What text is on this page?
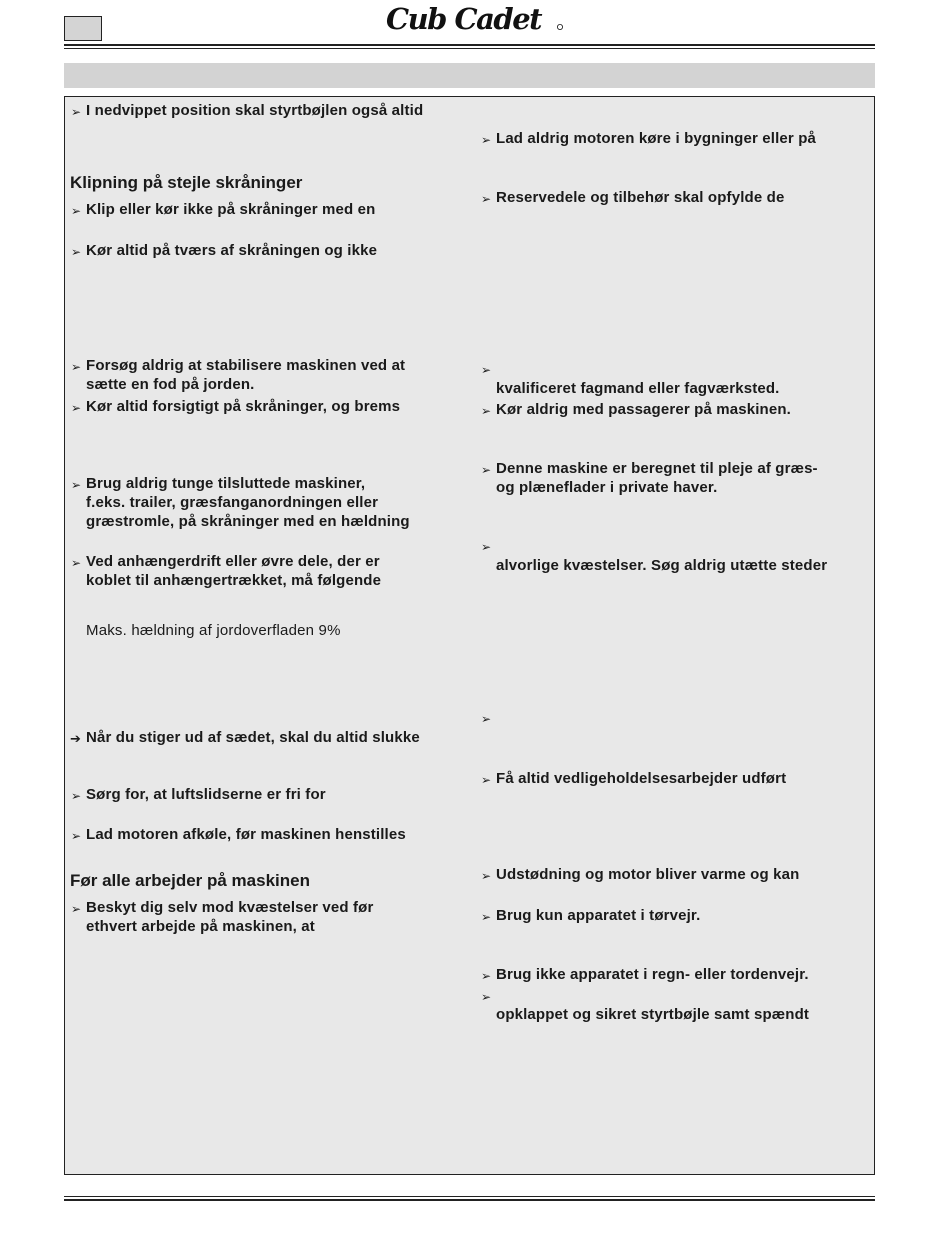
Cub Cadet
➢ I nedvippet position skal styrtbøjlen også altid
Klipning på stejle skråninger
➢ Klip eller kør ikke på skråninger med en
➢ Kør altid på tværs af skråningen og ikke
➢ Forsøg aldrig at stabilisere maskinen ved at
sætte en fod på jorden.
➢ Kør altid forsigtigt på skråninger, og brems
➢ Brug aldrig tunge tilsluttede maskiner,
f.eks. trailer, græsfanganordningen eller
græstromle, på skråninger med en hældning
➢ Ved anhængerdrift eller øvre dele, der er
koblet til anhængertrækket, må følgende
Maks. hældning af jordoverfladen 9%
➔ Når du stiger ud af sædet, skal du altid slukke
➢ Sørg for, at luftslidserne er fri for
➢ Lad motoren afkøle, før maskinen henstilles
Før alle arbejder på maskinen
➢ Beskyt dig selv mod kvæstelser ved før
ethvert arbejde på maskinen, at
➢ Lad aldrig motoren køre i bygninger eller på
➢ Reservedele og tilbehør skal opfylde de
➢
kvalificeret fagmand eller fagværksted.
➢ Kør aldrig med passagerer på maskinen.
➢ Denne maskine er beregnet til pleje af græs-
og plæneflader i private haver.
➢
alvorlige kvæstelser. Søg aldrig utætte steder
➢
➢ Få altid vedligeholdelsesarbejder udført
➢ Udstødning og motor bliver varme og kan
➢ Brug kun apparatet i tørvejr.
➢ Brug ikke apparatet i regn- eller tordenvejr.
➢
opklappet og sikret styrtbøjle samt spændt
